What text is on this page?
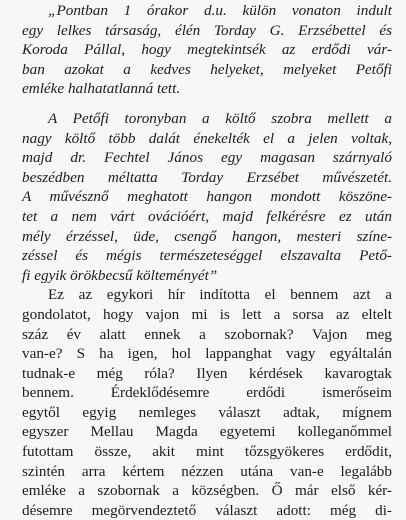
„Pontban 1 órakor d.u. külön vonaton indult
egy lelkes társaság, élén Torday G. Erzsébettel és
Koroda Pállal, hogy megtekintsék az erdődi vár-
ban azokat a kedves helyeket, melyeket Petőfi
emléke halhatatlanná tett.
A Petőfi toronyban a költő szobra mellett a
nagy költő több dalát énekelték el a jelen voltak,
majd dr. Fechtel János egy magasan szárnyaló
beszédben méltatta Torday Erzsébet művészetét.
A művésznő meghatott hangon mondott köszöne-
tet a nem várt ovációért, majd felkérésre ez után
mély érzéssel, üde, csengő hangon, mesteri színe-
zéssel és mégis természeteséggel elszavalta Pető-
fi egyik örökbecsű költeményét”
Ez az egykori hír indította el bennem azt a
gondolatot, hogy vajon mi is lett a sorsa az eltelt
száz év alatt ennek a szobornak? Vajon meg
van-e? S ha igen, hol lappanghat vagy egyáltalán
tudnak-e még róla? Ilyen kérdések kavarogtak
bennem. Érdeklődésemre erdődi ismerőseim
egytől egyig nemleges választ adtak, mígnem
egyszer Mellau Magda egyetemi kolleganőmmel
futottam össze, akit mint tőzsgyökeres erdődit,
szintén arra kértem nézzen utána van-e legalább
emléke a szobornak a községben. Ő már első kér-
désemre megörvendeztető választ adott: még di-
